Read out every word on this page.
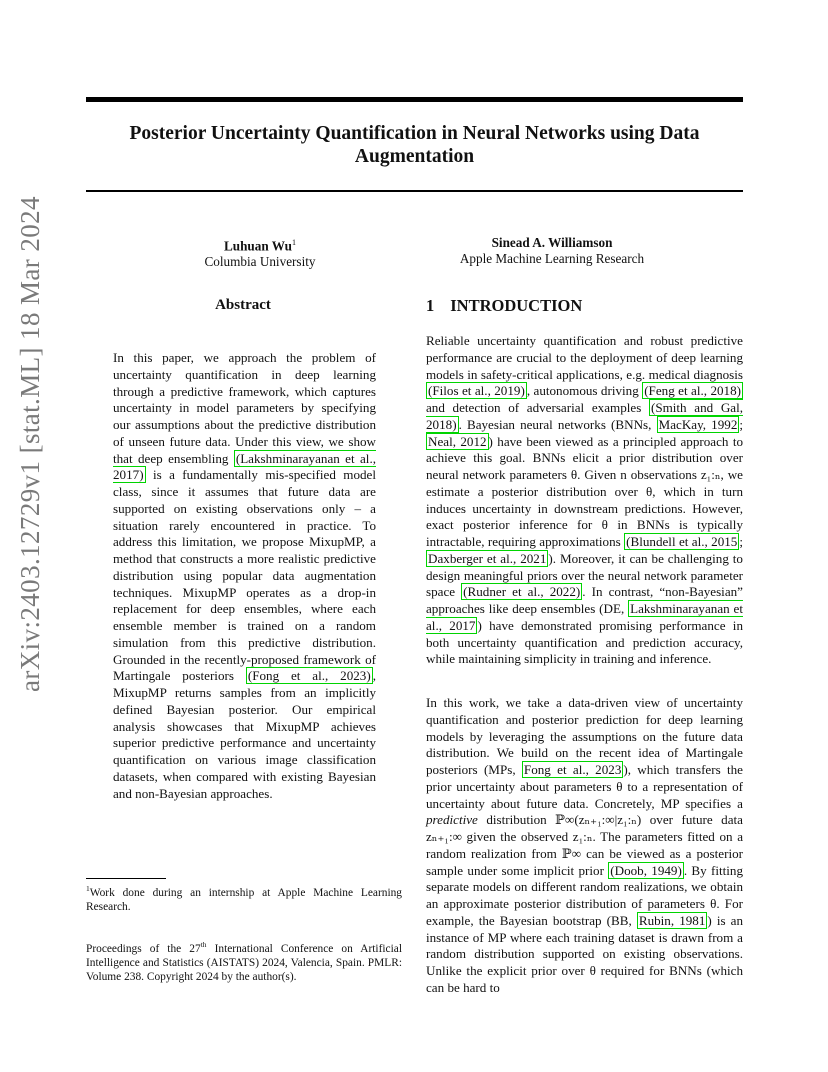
Posterior Uncertainty Quantification in Neural Networks using Data Augmentation
Luhuan Wu$^1$
Columbia University
Sinead A. Williamson
Apple Machine Learning Research
arXiv:2403.12729v1 [stat.ML] 18 Mar 2024	Abstract
In this paper, we approach the problem of uncertainty quantification in deep learning through a predictive framework, which captures uncertainty in model parameters by specifying our assumptions about the predictive distribution of unseen future data. Under this view, we show that deep ensembling (Lakshminarayanan et al., 2017) is a fundamentally mis-specified model class, since it assumes that future data are supported on existing observations only – a situation rarely encountered in practice. To address this limitation, we propose MixupMP, a method that constructs a more realistic predictive distribution using popular data augmentation techniques. MixupMP operates as a drop-in replacement for deep ensembles, where each ensemble member is trained on a random simulation from this predictive distribution. Grounded in the recently-proposed framework of Martingale posteriors (Fong et al., 2023) , MixupMP returns samples from an implicitly defined Bayesian posterior. Our empirical analysis showcases that MixupMP achieves superior predictive performance and uncertainty quantification on various image classification datasets, when compared with existing Bayesian and non-Bayesian approaches.
1 INTRODUCTION

Reliable uncertainty quantification and robust predictive performance are crucial to the deployment of deep learning models in safety-critical applications, e.g. medical diagnosis (Filos et al., 2019) , autonomous driving (Feng et al., 2018) and detection of adversarial examples (Smith and Gal, 2018) . Bayesian neural networks (BNNs, MacKay, 1992 ; Neal, 2012 ) have been viewed as a principled approach to achieve this goal. BNNs elicit a prior distribution over neural network parameters θ. Given n observations z₁:ₙ, we estimate a posterior distribution over θ, which in turn induces uncertainty in downstream predictions. However, exact posterior inference for θ in BNNs is typically intractable, requiring approximations (Blundell et al., 2015 ; Daxberger et al., 2021 ). Moreover, it can be challenging to design meaningful priors over the neural network parameter space (Rudner et al., 2022) . In contrast, “non-Bayesian” approaches like deep ensembles (DE, Lakshminarayanan et al., 2017 ) have demonstrated promising performance in both uncertainty quantification and prediction accuracy, while maintaining simplicity in training and inference.

In this work, we take a data-driven view of uncertainty quantification and posterior prediction for deep learning models by leveraging the assumptions on the future data distribution. We build on the recent idea of Martingale posteriors (MPs, Fong et al., 2023 ), which transfers the prior uncertainty about parameters θ to a representation of uncertainty about future data. Concretely, MP specifies a predictive distribution ℙ∞(zₙ₊₁:∞|z₁:ₙ) over future data zₙ₊₁:∞ given the observed z₁:ₙ. The parameters fitted on a random realization from ℙ∞ can be viewed as a posterior sample under some implicit prior (Doob, 1949) . By fitting separate models on different random realizations, we obtain an approximate posterior distribution of parameters θ. For example, the Bayesian bootstrap (BB, Rubin, 1981 ) is an instance of MP where each training dataset is drawn from a random distribution supported on existing observations. Unlike the explicit prior over θ required for BNNs (which can be hard to

$^1$Work done during an internship at Apple Machine Learning Research.
Proceedings of the 27th International Conference on Artificial Intelligence and Statistics (AISTATS) 2024, Valencia, Spain. PMLR: Volume 238. Copyright 2024 by the author(s).
